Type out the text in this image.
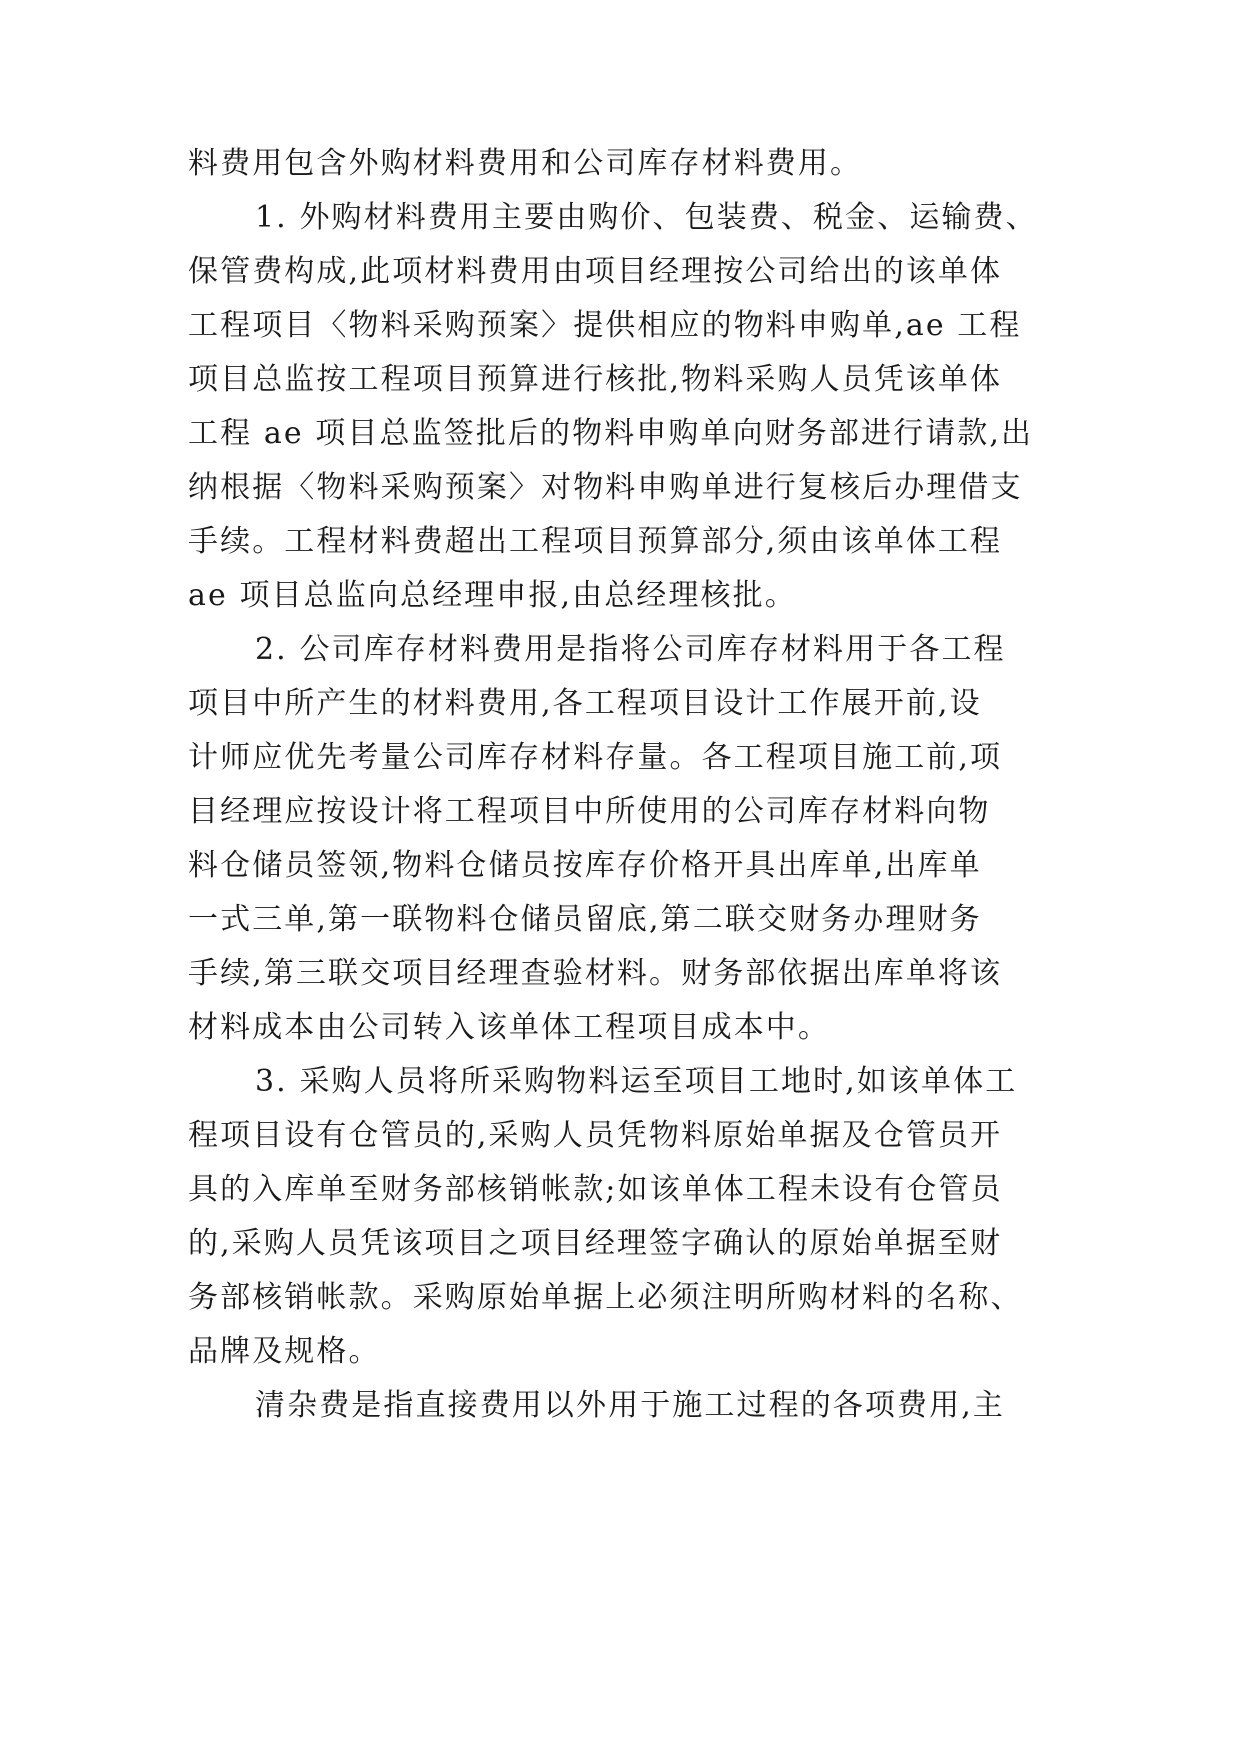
料费用包含外购材料费用和公司库存材料费用。
1. 外购材料费用主要由购价、包装费、税金、运输费、
保管费构成,此项材料费用由项目经理按公司给出的该单体
工程项目〈物料采购预案〉提供相应的物料申购单,ae 工程
项目总监按工程项目预算进行核批,物料采购人员凭该单体
工程 ae 项目总监签批后的物料申购单向财务部进行请款,出
纳根据〈物料采购预案〉对物料申购单进行复核后办理借支
手续。工程材料费超出工程项目预算部分,须由该单体工程
ae 项目总监向总经理申报,由总经理核批。
2. 公司库存材料费用是指将公司库存材料用于各工程
项目中所产生的材料费用,各工程项目设计工作展开前,设
计师应优先考量公司库存材料存量。各工程项目施工前,项
目经理应按设计将工程项目中所使用的公司库存材料向物
料仓储员签领,物料仓储员按库存价格开具出库单,出库单
一式三单,第一联物料仓储员留底,第二联交财务办理财务
手续,第三联交项目经理查验材料。财务部依据出库单将该
材料成本由公司转入该单体工程项目成本中。
3. 采购人员将所采购物料运至项目工地时,如该单体工
程项目设有仓管员的,采购人员凭物料原始单据及仓管员开
具的入库单至财务部核销帐款;如该单体工程未设有仓管员
的,采购人员凭该项目之项目经理签字确认的原始单据至财
务部核销帐款。采购原始单据上必须注明所购材料的名称、
品牌及规格。
清杂费是指直接费用以外用于施工过程的各项费用,主
